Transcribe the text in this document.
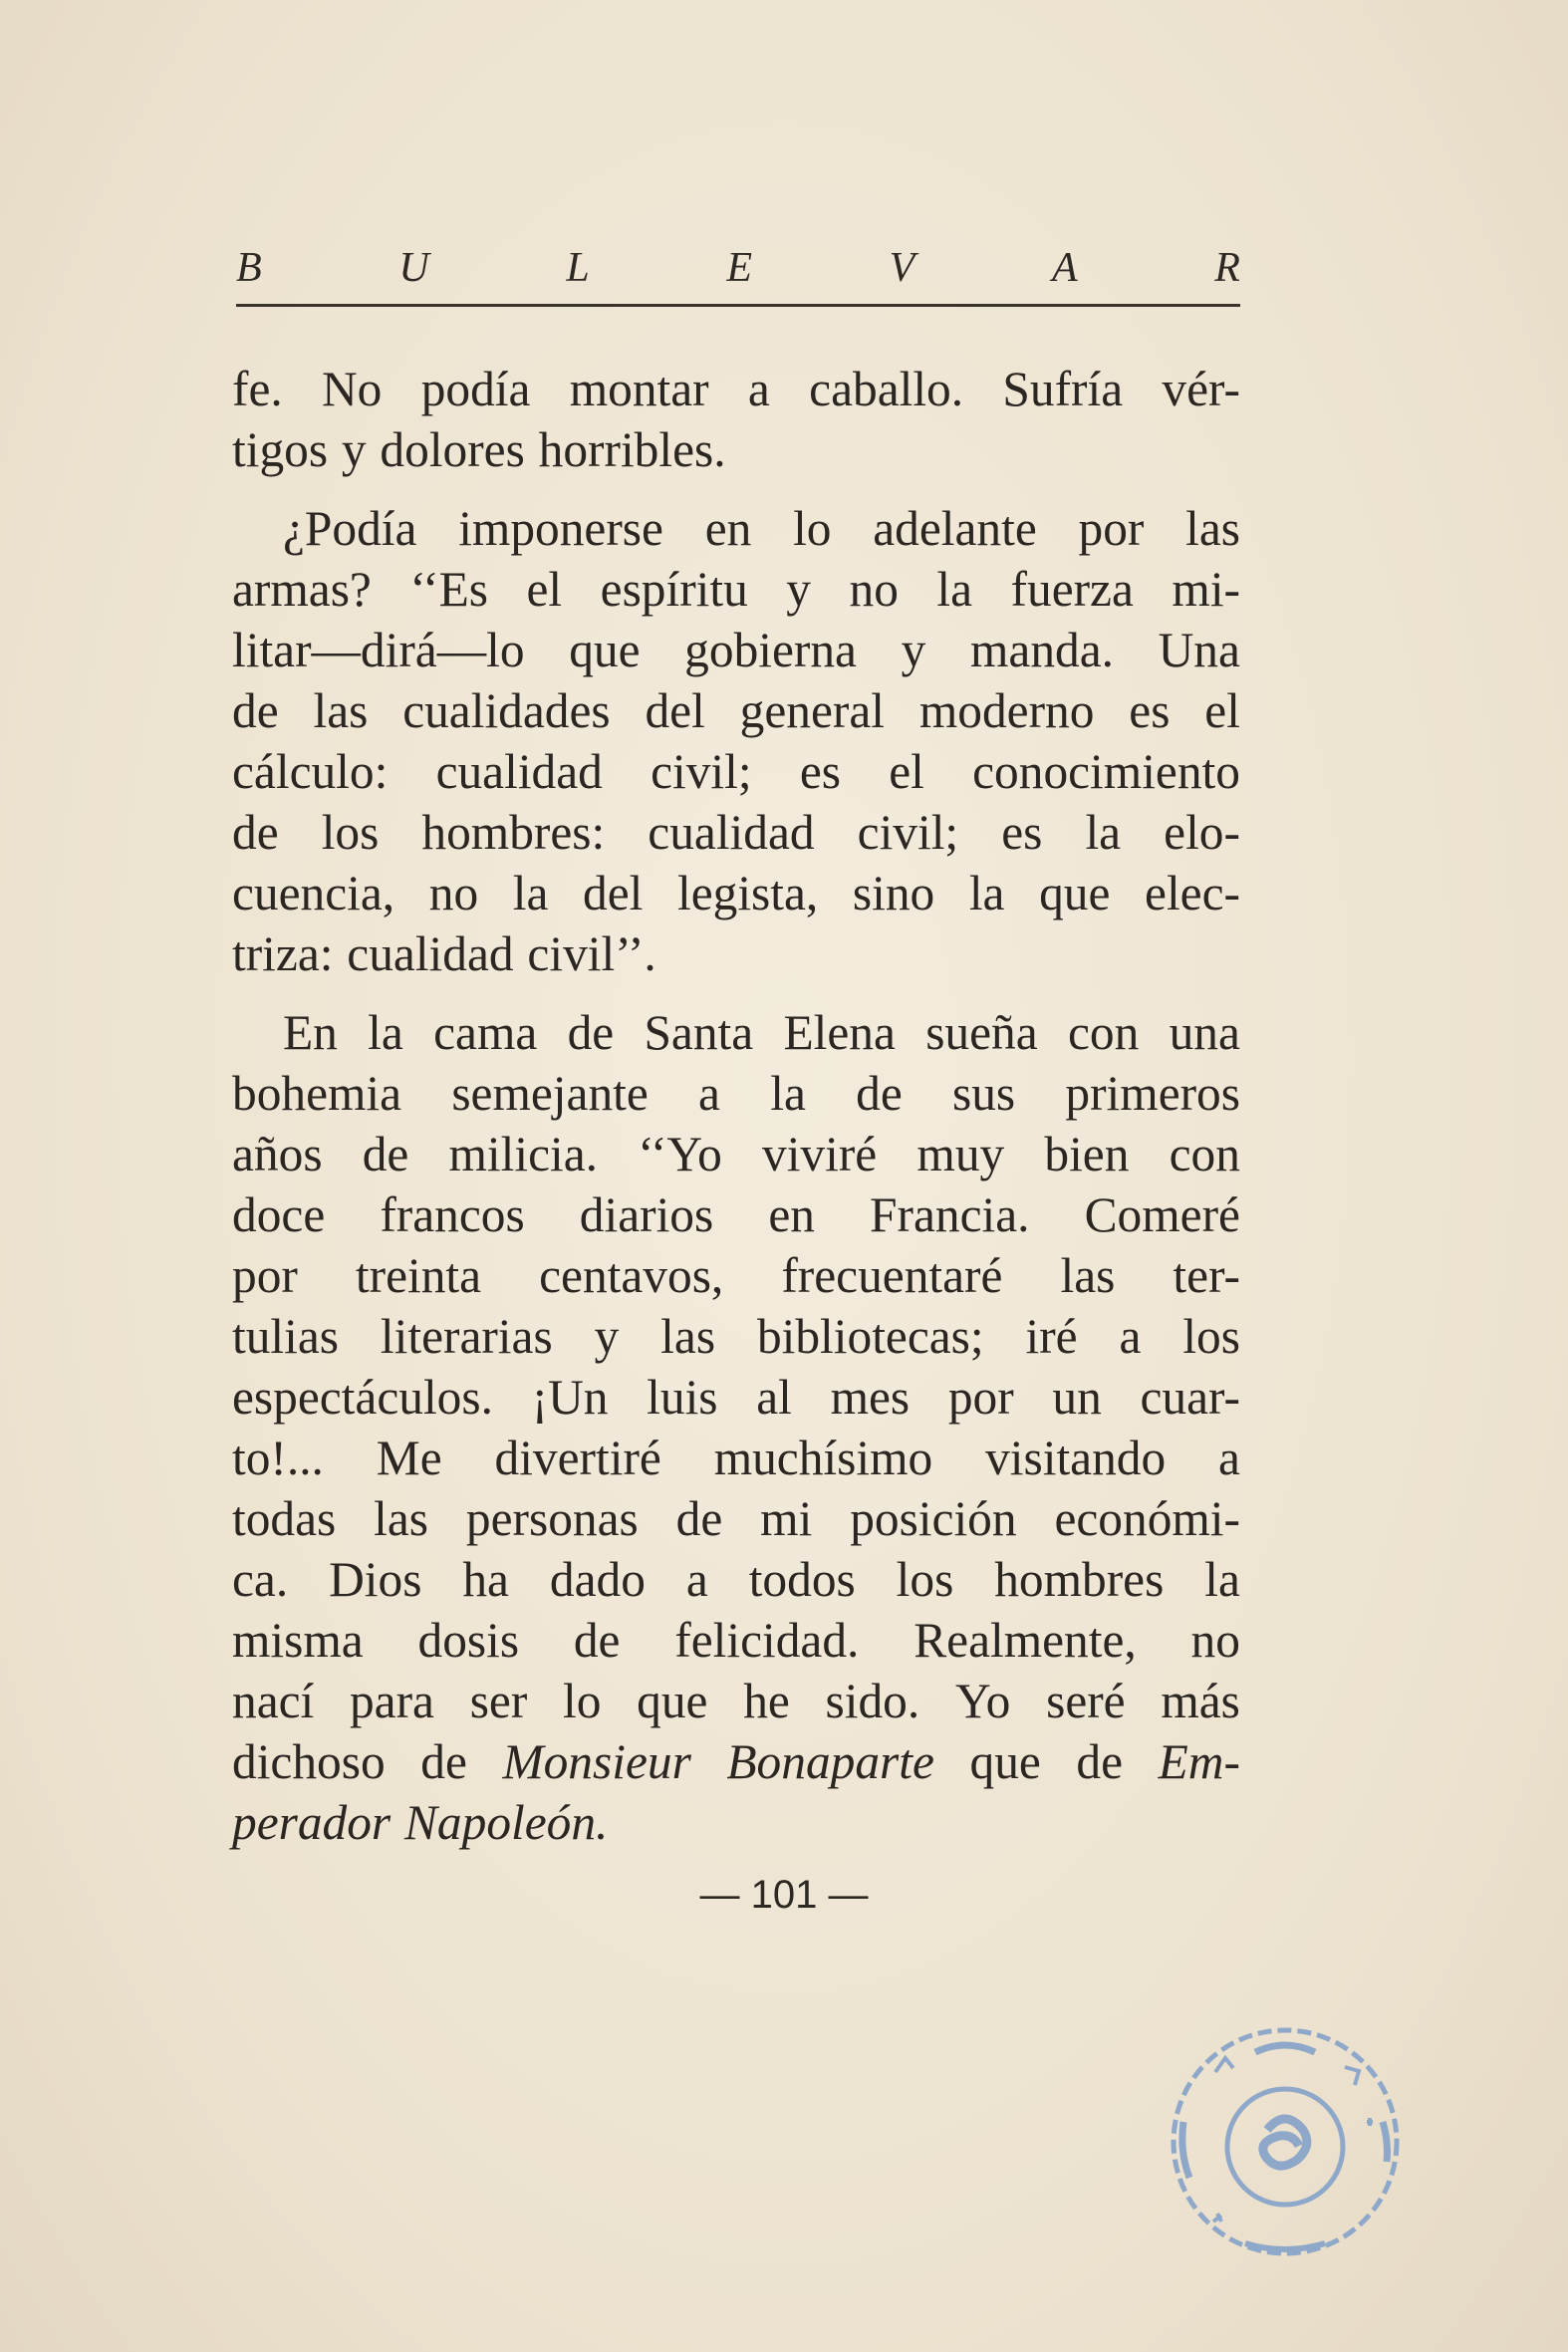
B	U	L	E	V	A	R
fe. No podía montar a caballo. Sufría vér-
tigos y dolores horribles.
¿Podía imponerse en lo adelante por las
armas? ‘‘Es el espíritu y no la fuerza mi-
litar—dirá—lo que gobierna y manda. Una
de las cualidades del general moderno es el
cálculo: cualidad civil; es el conocimiento
de los hombres: cualidad civil; es la elo-
cuencia, no la del legista, sino la que elec-
triza: cualidad civil’’.
En la cama de Santa Elena sueña con una
bohemia semejante a la de sus primeros
años de milicia. ‘‘Yo viviré muy bien con
doce francos diarios en Francia. Comeré
por treinta centavos, frecuentaré las ter-
tulias literarias y las bibliotecas; iré a los
espectáculos. ¡Un luis al mes por un cuar-
to!... Me divertiré muchísimo visitando a
todas las personas de mi posición económi-
ca. Dios ha dado a todos los hombres la
misma dosis de felicidad. Realmente, no
nací para ser lo que he sido. Yo seré más
dichoso de Monsieur Bonaparte que de Em-
perador Napoleón.
— 101 —
